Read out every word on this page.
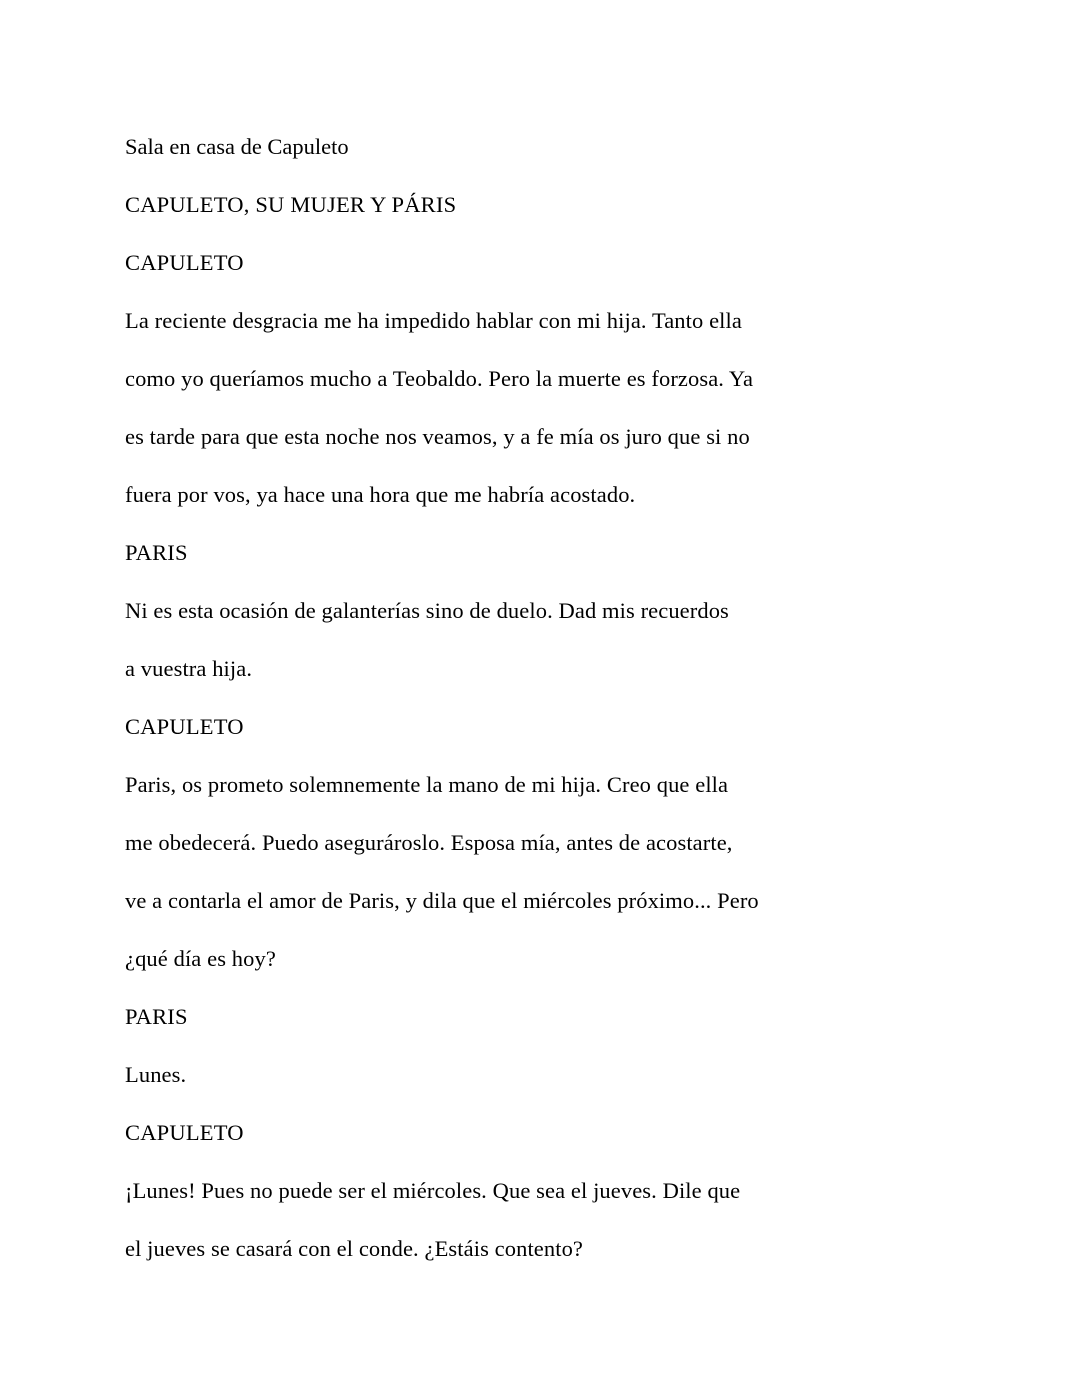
Sala en casa de Capuleto
CAPULETO, SU MUJER Y PÁRIS
CAPULETO
La reciente desgracia me ha impedido hablar con mi hija. Tanto ella
como yo queríamos mucho a Teobaldo. Pero la muerte es forzosa. Ya
es tarde para que esta noche nos veamos, y a fe mía os juro que si no
fuera por vos, ya hace una hora que me habría acostado.
PARIS
Ni es esta ocasión de galanterías sino de duelo. Dad mis recuerdos
a vuestra hija.
CAPULETO
Paris, os prometo solemnemente la mano de mi hija. Creo que ella
me obedecerá. Puedo asegurároslo. Esposa mía, antes de acostarte,
ve a contarla el amor de Paris, y dila que el miércoles próximo... Pero
¿qué día es hoy?
PARIS
Lunes.
CAPULETO
¡Lunes! Pues no puede ser el miércoles. Que sea el jueves. Dile que
el jueves se casará con el conde. ¿Estáis contento?
